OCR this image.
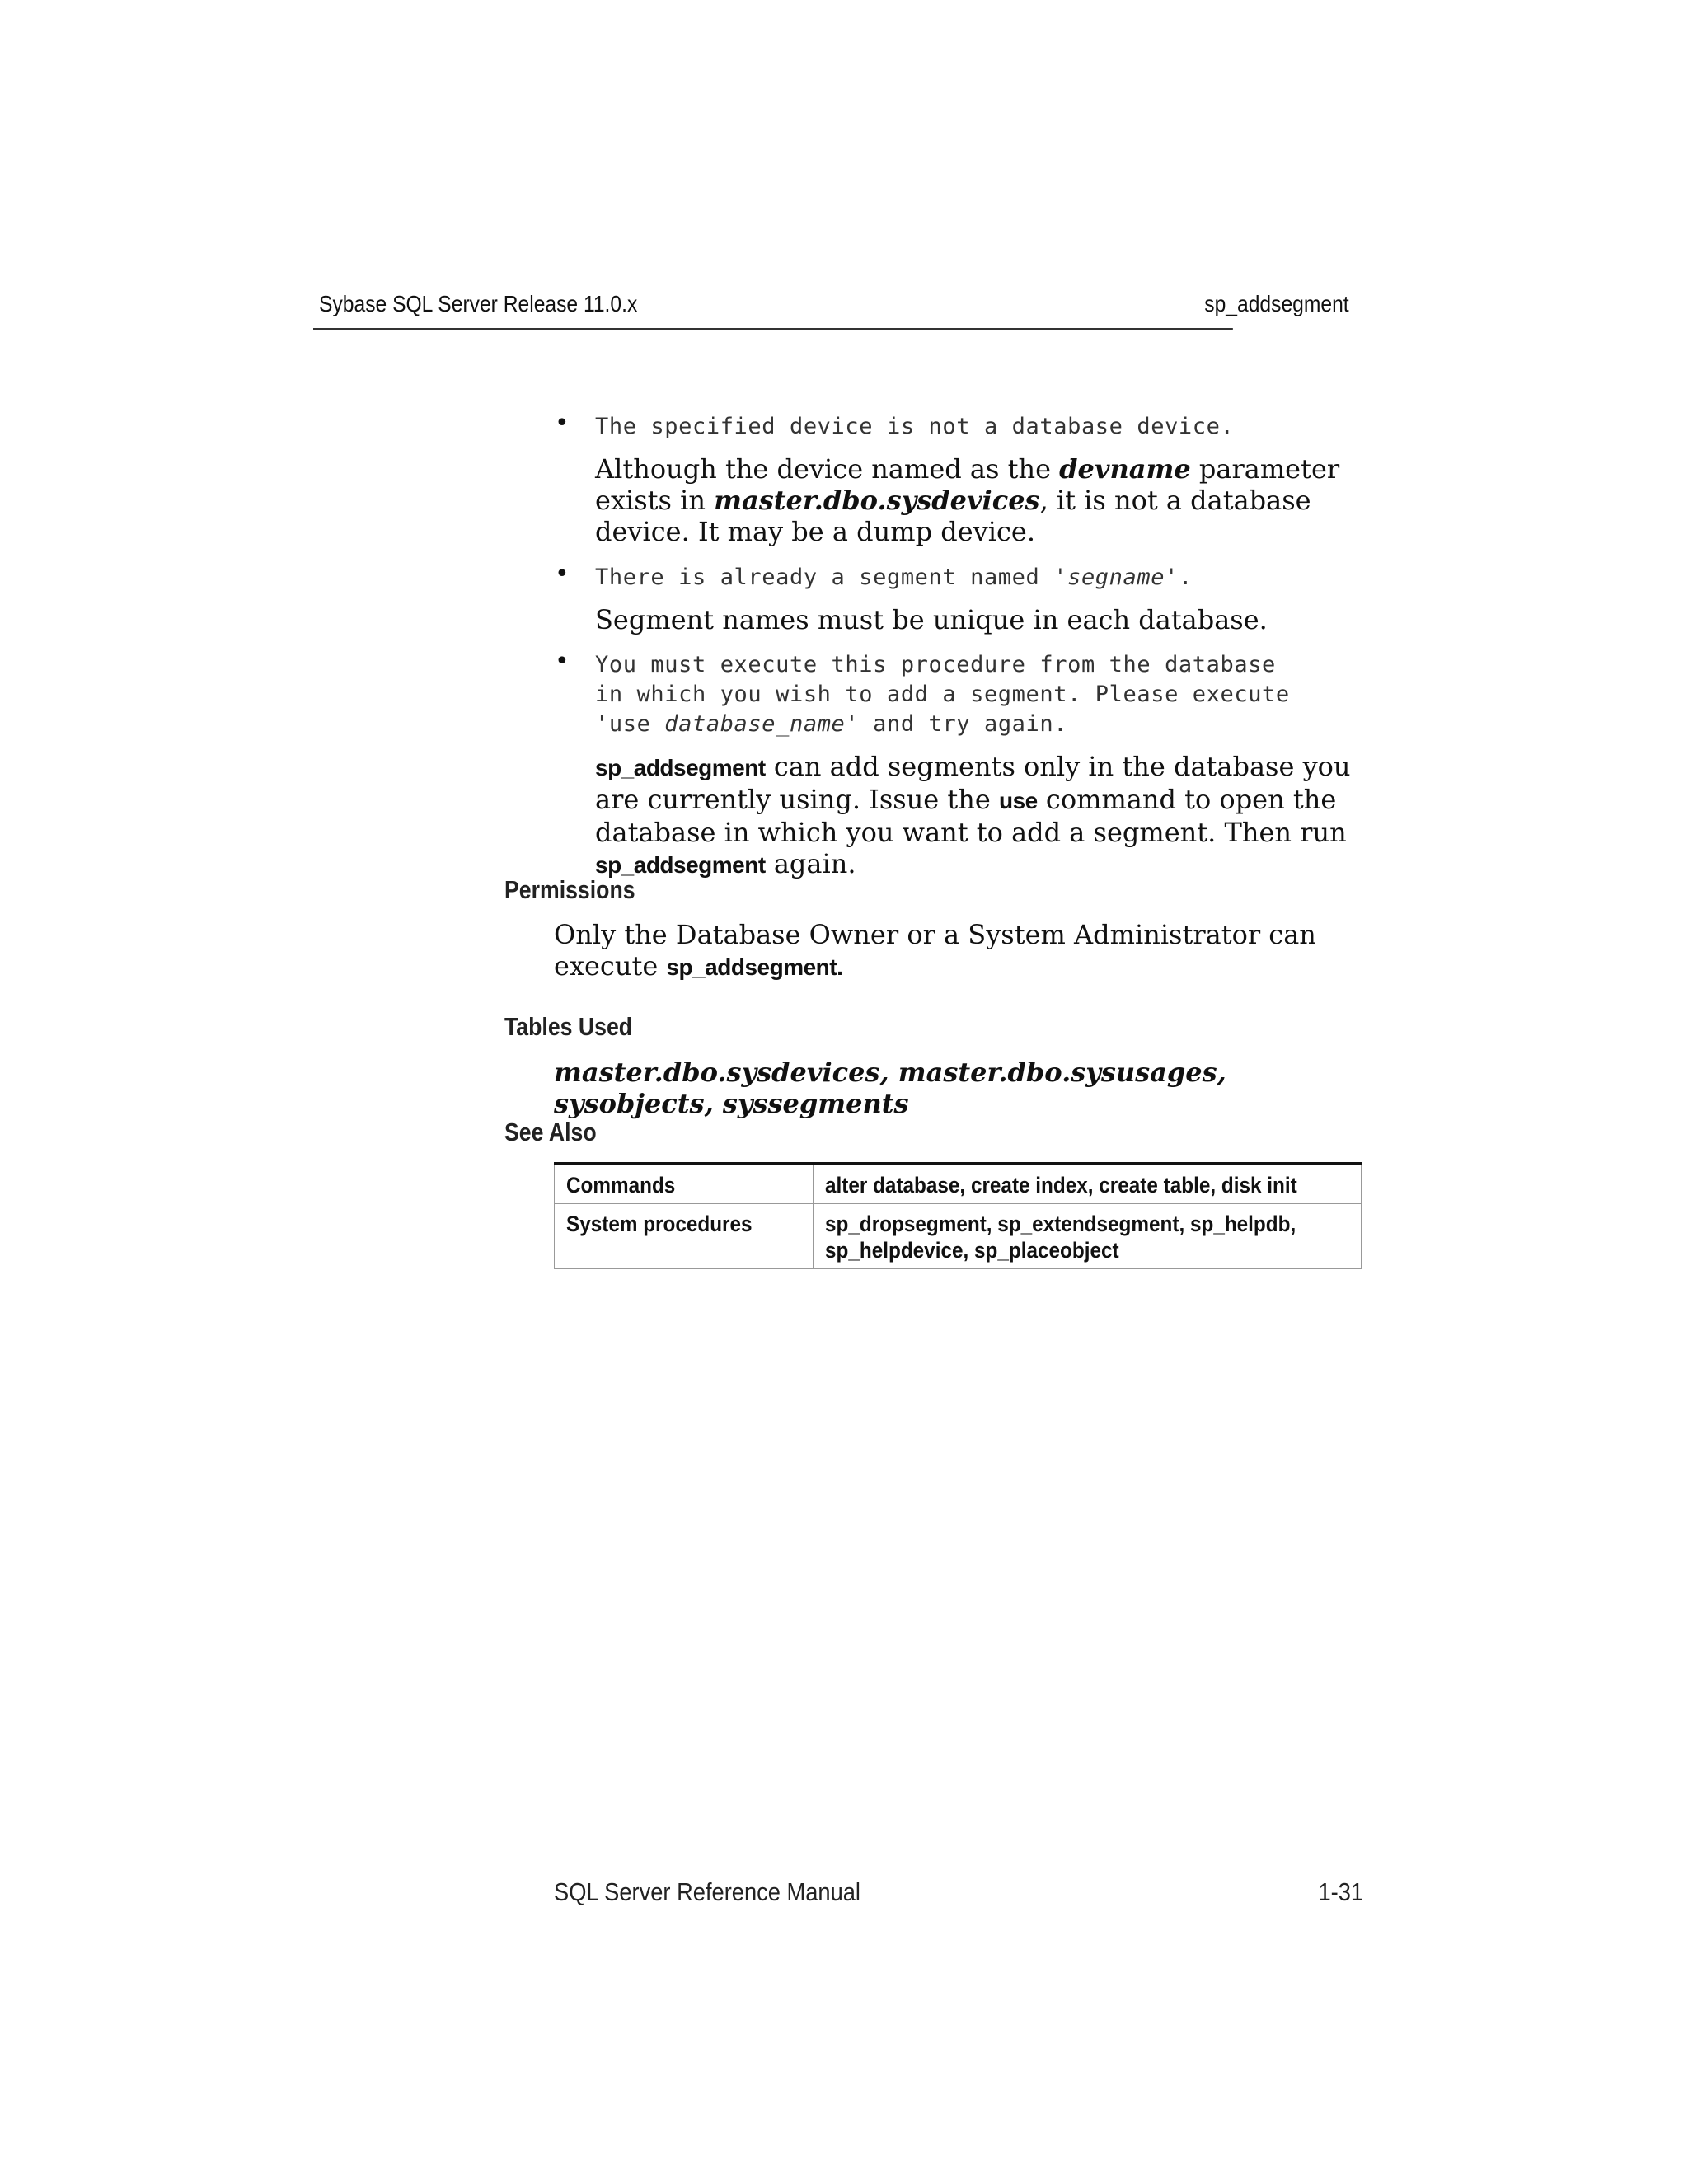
Sybase SQL Server Release 11.0.x	sp_addsegment
• The specified device is not a database device.
Although the device named as the devname parameter exists in master.dbo.sysdevices, it is not a database device. It may be a dump device.
• There is already a segment named 'segname'.
Segment names must be unique in each database.
• You must execute this procedure from the database
in which you wish to add a segment. Please execute
'use database_name' and try again.
sp_addsegment can add segments only in the database you are currently using. Issue the use command to open the database in which you want to add a segment. Then run sp_addsegment again.
Permissions
Only the Database Owner or a System Administrator can execute sp_addsegment.
Tables Used
master.dbo.sysdevices, master.dbo.sysusages, sysobjects, syssegments
See Also
Commands	alter database, create index, create table, disk init
System procedures	sp_dropsegment, sp_extendsegment, sp_helpdb,
sp_helpdevice, sp_placeobject
SQL Server Reference Manual	1-31
